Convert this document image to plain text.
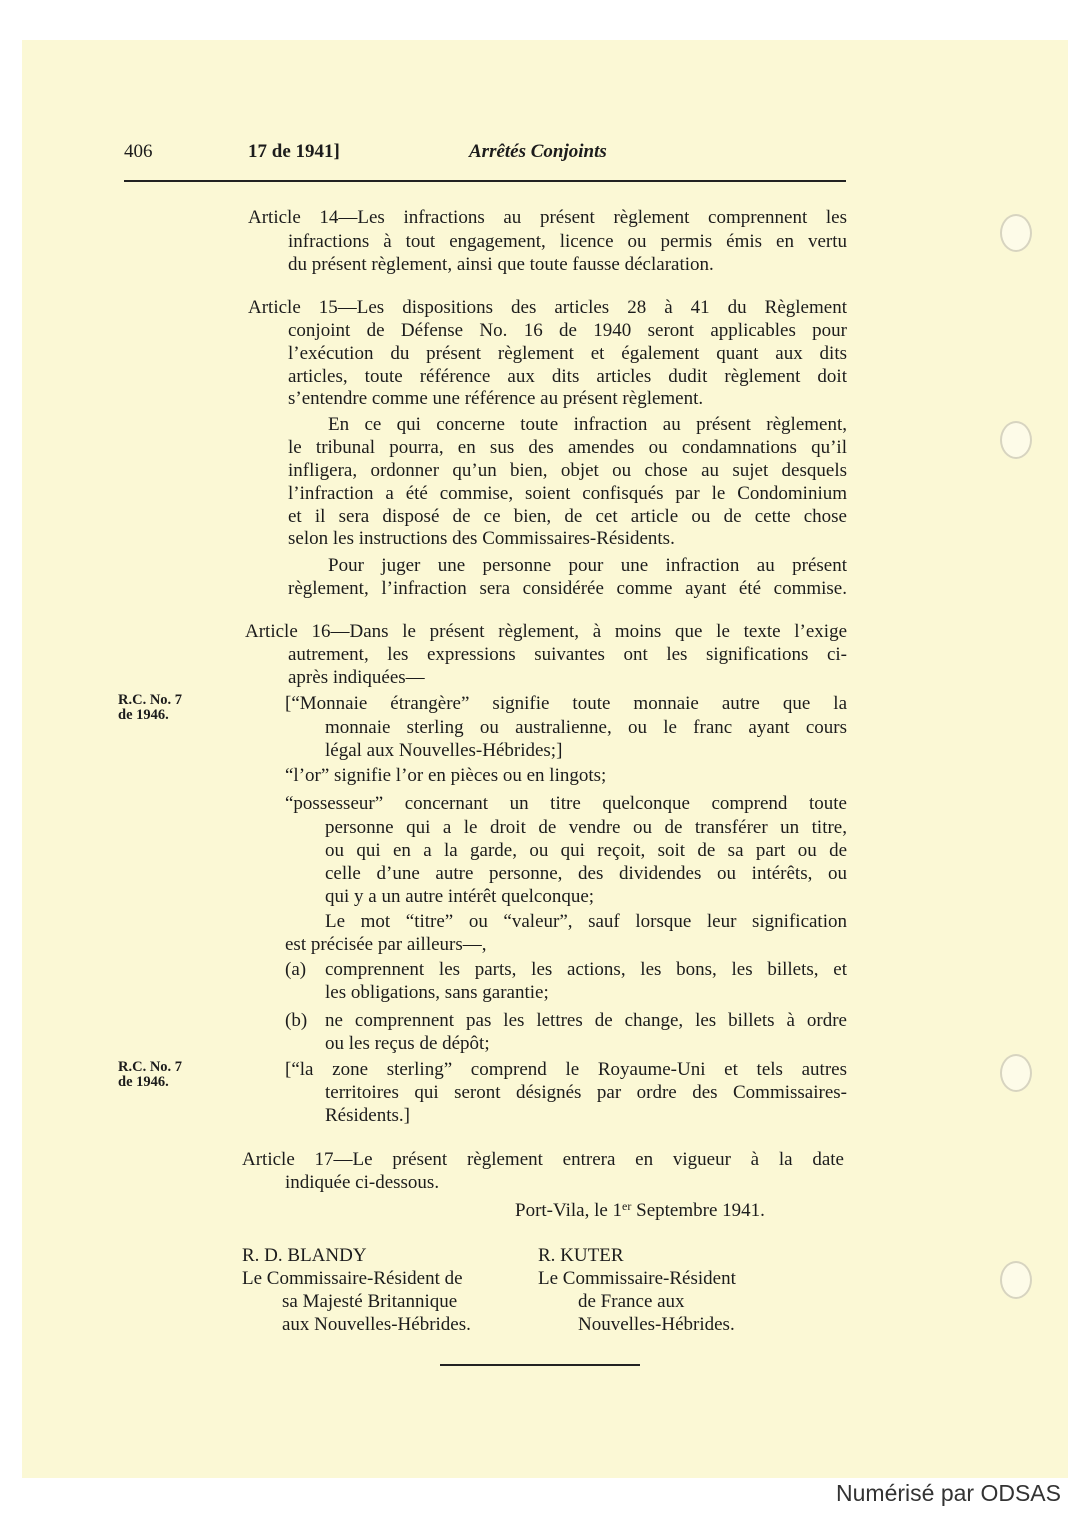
406	17 de 1941]	Arrêtés Conjoints
Article 14—Les infractions au présent règlement comprennent les
infractions à tout engagement, licence ou permis émis en vertu
du présent règlement, ainsi que toute fausse déclaration.
Article 15—Les dispositions des articles 28 à 41 du Règlement
conjoint de Défense No. 16 de 1940 seront applicables pour
l’exécution du présent règlement et également quant aux dits
articles, toute référence aux dits articles dudit règlement doit
s’entendre comme une référence au présent règlement.
En ce qui concerne toute infraction au présent règlement,
le tribunal pourra, en sus des amendes ou condamnations qu’il
infligera, ordonner qu’un bien, objet ou chose au sujet desquels
l’infraction a été commise, soient confisqués par le Condominium
et il sera disposé de ce bien, de cet article ou de cette chose
selon les instructions des Commissaires-Résidents.
Pour juger une personne pour une infraction au présent
règlement, l’infraction sera considérée comme ayant été commise.
Article 16—Dans le présent règlement, à moins que le texte l’exige
autrement, les expressions suivantes ont les significations ci-
après indiquées—
R.C. No. 7
de 1946.
[“Monnaie étrangère” signifie toute monnaie autre que la
monnaie sterling ou australienne, ou le franc ayant cours
légal aux Nouvelles-Hébrides;]
“l’or” signifie l’or en pièces ou en lingots;
“possesseur” concernant un titre quelconque comprend toute
personne qui a le droit de vendre ou de transférer un titre,
ou qui en a la garde, ou qui reçoit, soit de sa part ou de
celle d’une autre personne, des dividendes ou intérêts, ou
qui y a un autre intérêt quelconque;
Le mot “titre” ou “valeur”, sauf lorsque leur signification
est précisée par ailleurs—,
(a) comprennent les parts, les actions, les bons, les billets, et
les obligations, sans garantie;
(b) ne comprennent pas les lettres de change, les billets à ordre
ou les reçus de dépôt;
R.C. No. 7
de 1946.
[“la zone sterling” comprend le Royaume-Uni et tels autres
territoires qui seront désignés par ordre des Commissaires-
Résidents.]
Article 17—Le présent règlement entrera en vigueur à la date
indiquée ci-dessous.
Port-Vila, le 1er Septembre 1941.
R. D. BLANDY
Le Commissaire-Résident de
sa Majesté Britannique
aux Nouvelles-Hébrides.
R. KUTER
Le Commissaire-Résident
de France aux
Nouvelles-Hébrides.
Numérisé par ODSAS
